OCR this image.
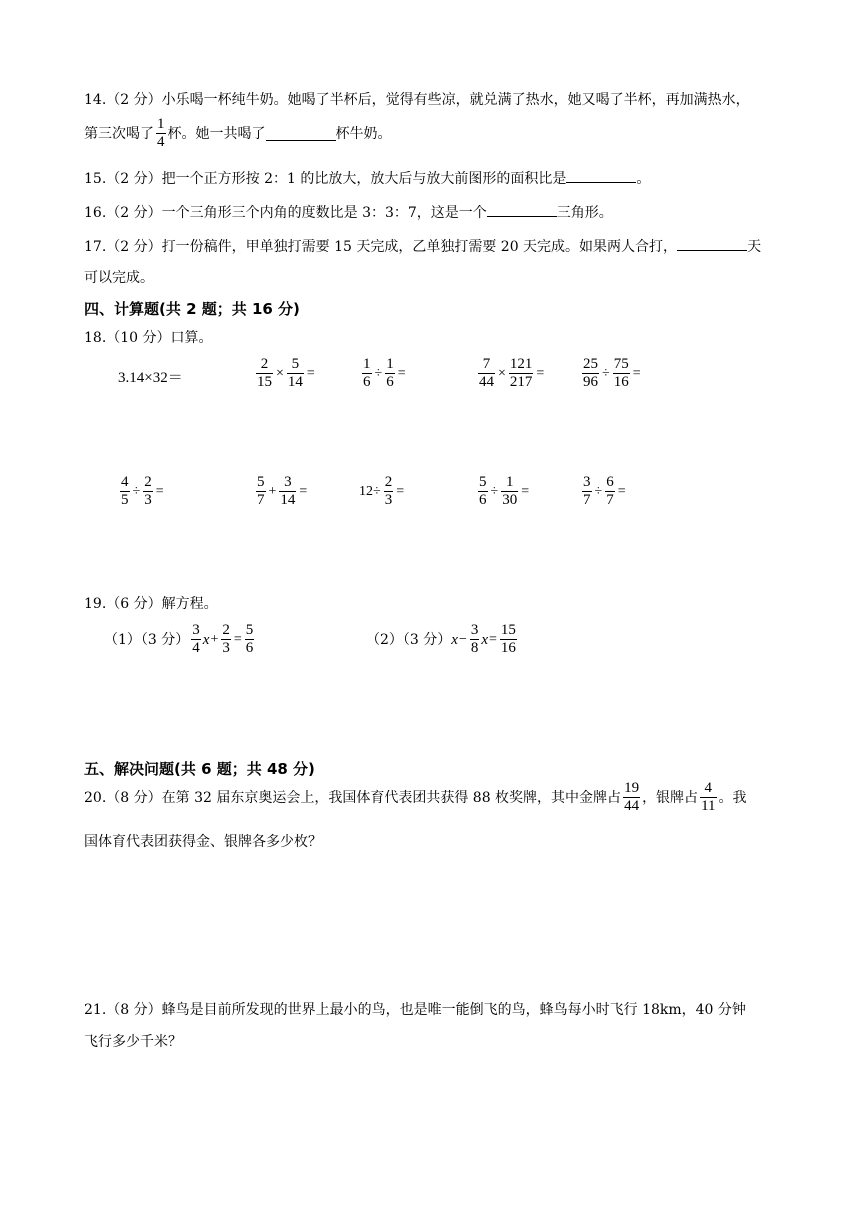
14.（2 分）小乐喝一杯纯牛奶。她喝了半杯后，觉得有些凉，就兑满了热水，她又喝了半杯，再加满热水，
第三次喝了 $\frac{1}{4}$ 杯。她一共喝了	杯牛奶。
15.（2 分）把一个正方形按 2：1 的比放大，放大后与放大前图形的面积比是	。
16.（2 分）一个三角形三个内角的度数比是 3：3：7，这是一个	三角形。
17.（2 分）打一份稿件，甲单独打需要 15 天完成，乙单独打需要 20 天完成。如果两人合打，	天
可以完成。
四、计算题(共 2 题；共 16 分)
18.（10 分）口算。
3.14×32＝	$\frac{2}{15} \times \frac{5}{14}$ =	$\frac{1}{6} \div \frac{1}{6}$ =	$\frac{7}{44} \times \frac{121}{217}$ =	$\frac{25}{96} \div \frac{75}{16}$ =
$\frac{4}{5} \div \frac{2}{3}$ =	$\frac{5}{7} + \frac{3}{14}$ =	$12\div \frac{2}{3}$ =	$\frac{5}{6} \div \frac{1}{30}$ =	$\frac{3}{7} \div \frac{6}{7}$ =
19.（6 分）解方程。
（1）（3 分） $\frac{3}{4}$ $x + \frac{2}{3} = \frac{5}{6}$	（2）（3 分） $x - \frac{3}{8}$ $x = \frac{15}{16}$
五、解决问题(共 6 题；共 48 分)
20.（8 分）在第 32 届东京奥运会上，我国体育代表团共获得 88 枚奖牌，其中金牌占 $\frac{19}{44}$ ，银牌占 $\frac{4}{11}$ 。我
国体育代表团获得金、银牌各多少枚？
21.（8 分）蜂鸟是目前所发现的世界上最小的鸟，也是唯一能倒飞的鸟，蜂鸟每小时飞行 18km，40 分钟
飞行多少千米？
